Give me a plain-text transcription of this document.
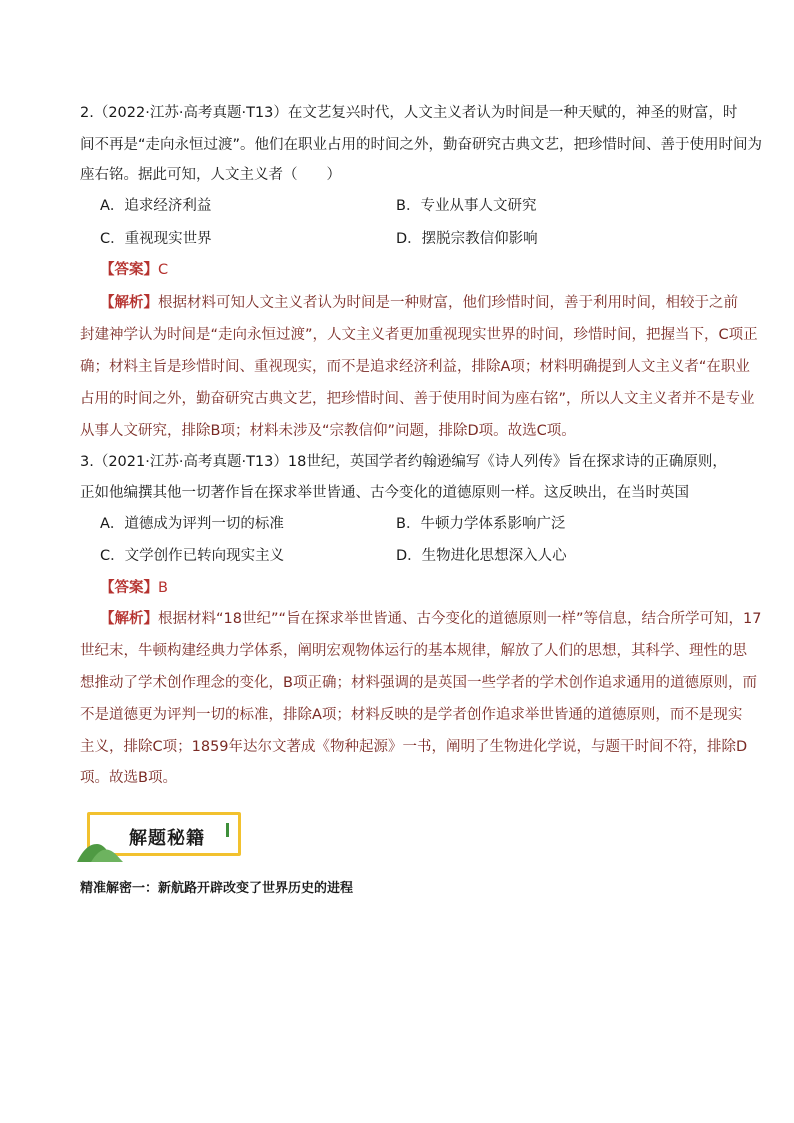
2.（2022·江苏·高考真题·T13）在文艺复兴时代，人文主义者认为时间是一种天赋的，神圣的财富，时
间不再是“走向永恒过渡”。他们在职业占用的时间之外，勤奋研究古典文艺，把珍惜时间、善于使用时间为
座右铭。据此可知，人文主义者（　　）
A．追求经济利益	B．专业从事人文研究
C．重视现实世界	D．摆脱宗教信仰影响
【答案】C
【解析】根据材料可知人文主义者认为时间是一种财富，他们珍惜时间，善于利用时间，相较于之前
封建神学认为时间是“走向永恒过渡”，人文主义者更加重视现实世界的时间，珍惜时间，把握当下，C项正
确；材料主旨是珍惜时间、重视现实，而不是追求经济利益，排除A项；材料明确提到人文主义者“在职业
占用的时间之外，勤奋研究古典文艺，把珍惜时间、善于使用时间为座右铭”，所以人文主义者并不是专业
从事人文研究，排除B项；材料未涉及“宗教信仰”问题，排除D项。故选C项。
3.（2021·江苏·高考真题·T13）18世纪，英国学者约翰逊编写《诗人列传》旨在探求诗的正确原则，
正如他编撰其他一切著作旨在探求举世皆通、古今变化的道德原则一样。这反映出，在当时英国
A．道德成为评判一切的标准	B．牛顿力学体系影响广泛
C．文学创作已转向现实主义	D．生物进化思想深入人心
【答案】B
【解析】根据材料“18世纪”“旨在探求举世皆通、古今变化的道德原则一样”等信息，结合所学可知，17
世纪末，牛顿构建经典力学体系，阐明宏观物体运行的基本规律，解放了人们的思想，其科学、理性的思
想推动了学术创作理念的变化，B项正确；材料强调的是英国一些学者的学术创作追求通用的道德原则，而
不是道德更为评判一切的标准，排除A项；材料反映的是学者创作追求举世皆通的道德原则，而不是现实
主义，排除C项；1859年达尔文著成《物种起源》一书，阐明了生物进化学说，与题干时间不符，排除D
项。故选B项。
解题秘籍
精准解密一：新航路开辟改变了世界历史的进程
